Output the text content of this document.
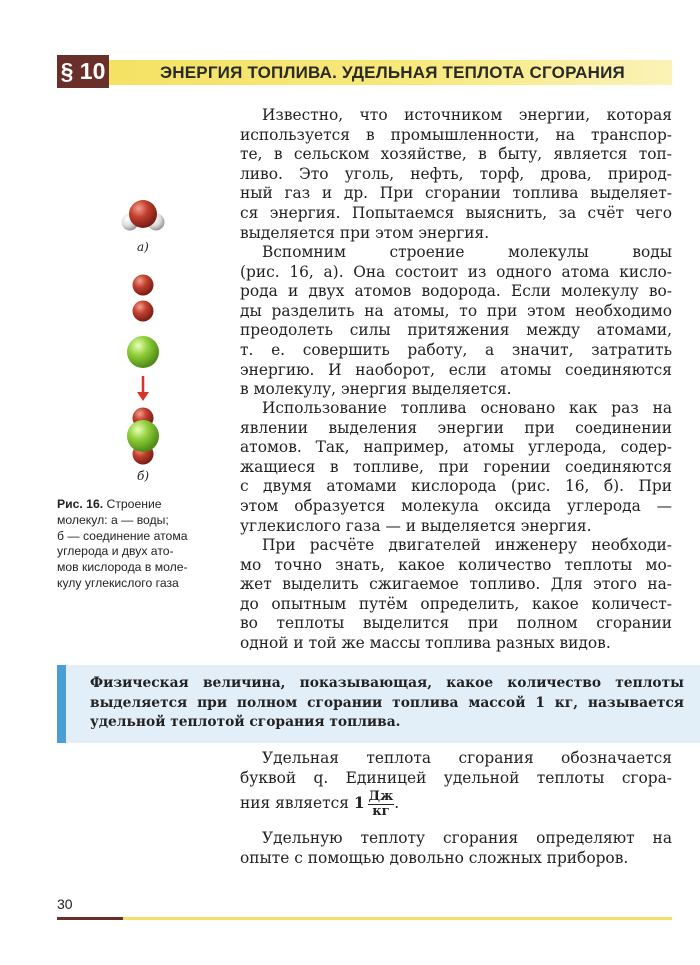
§ 10	ЭНЕРГИЯ ТОПЛИВА. УДЕЛЬНАЯ ТЕПЛОТА СГОРАНИЯ
а)
б)
Рис. 16. Строение
молекул: а — воды;
б — соединение атома
углерода и двух ато-
мов кислорода в моле-
кулу углекислого газа
Известно, что источником энергии, которая
используется в промышленности, на транспор-
те, в сельском хозяйстве, в быту, является топ-
ливо. Это уголь, нефть, торф, дрова, природ-
ный газ и др. При сгорании топлива выделяет-
ся энергия. Попытаемся выяснить, за счёт чего
выделяется при этом энергия.
Вспомним строение молекулы воды
(рис. 16, а). Она состоит из одного атома кисло-
рода и двух атомов водорода. Если молекулу во-
ды разделить на атомы, то при этом необходимо
преодолеть силы притяжения между атомами,
т. е. совершить работу, а значит, затратить
энергию. И наоборот, если атомы соединяются
в молекулу, энергия выделяется.
Использование топлива основано как раз на
явлении выделения энергии при соединении
атомов. Так, например, атомы углерода, содер-
жащиеся в топливе, при горении соединяются
с двумя атомами кислорода (рис. 16, б). При
этом образуется молекула оксида углерода —
углекислого газа — и выделяется энергия.
При расчёте двигателей инженеру необходи-
мо точно знать, какое количество теплоты мо-
жет выделить сжигаемое топливо. Для этого на-
до опытным путём определить, какое количест-
во теплоты выделится при полном сгорании
одной и той же массы топлива разных видов.
Физическая величина, показывающая, какое количество теплоты
выделяется при полном сгорании топлива массой 1 кг, называется
удельной теплотой сгорания топлива.
Удельная теплота сгорания обозначается
буквой q. Единицей удельной теплоты сгора-
ния является $1 \frac{Дж}{кг}$ .
Удельную теплоту сгорания определяют на
опыте с помощью довольно сложных приборов.
30
